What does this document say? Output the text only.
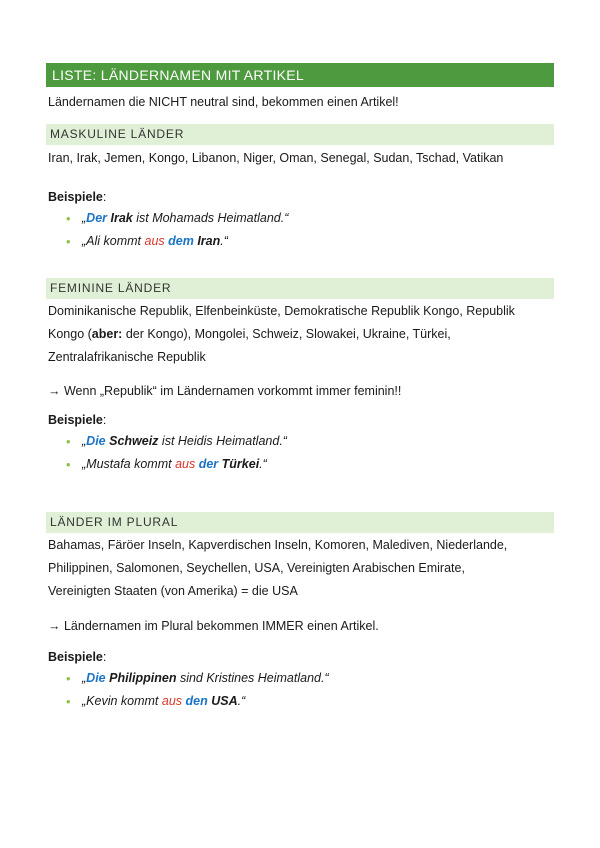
LISTE: LÄNDERNAMEN MIT ARTIKEL
Ländernamen die NICHT neutral sind, bekommen einen Artikel!
MASKULINE LÄNDER
Iran, Irak, Jemen, Kongo, Libanon, Niger, Oman, Senegal, Sudan, Tschad, Vatikan
Beispiele:
• „Der Irak ist Mohamads Heimatland.“
• „Ali kommt aus dem Iran.“
FEMININE LÄNDER
Dominikanische Republik, Elfenbeinküste, Demokratische Republik Kongo, Republik
Kongo (aber: der Kongo), Mongolei, Schweiz, Slowakei, Ukraine, Türkei,
Zentralafrikanische Republik
→ Wenn „Republik“ im Ländernamen vorkommt immer feminin!!
Beispiele:
• „Die Schweiz ist Heidis Heimatland.“
• „Mustafa kommt aus der Türkei.“
LÄNDER IM PLURAL
Bahamas, Färöer Inseln, Kapverdischen Inseln, Komoren, Malediven, Niederlande,
Philippinen, Salomonen, Seychellen, USA, Vereinigten Arabischen Emirate,
Vereinigten Staaten (von Amerika) = die USA
→ Ländernamen im Plural bekommen IMMER einen Artikel.
Beispiele:
• „Die Philippinen sind Kristines Heimatland.“
• „Kevin kommt aus den USA.“
